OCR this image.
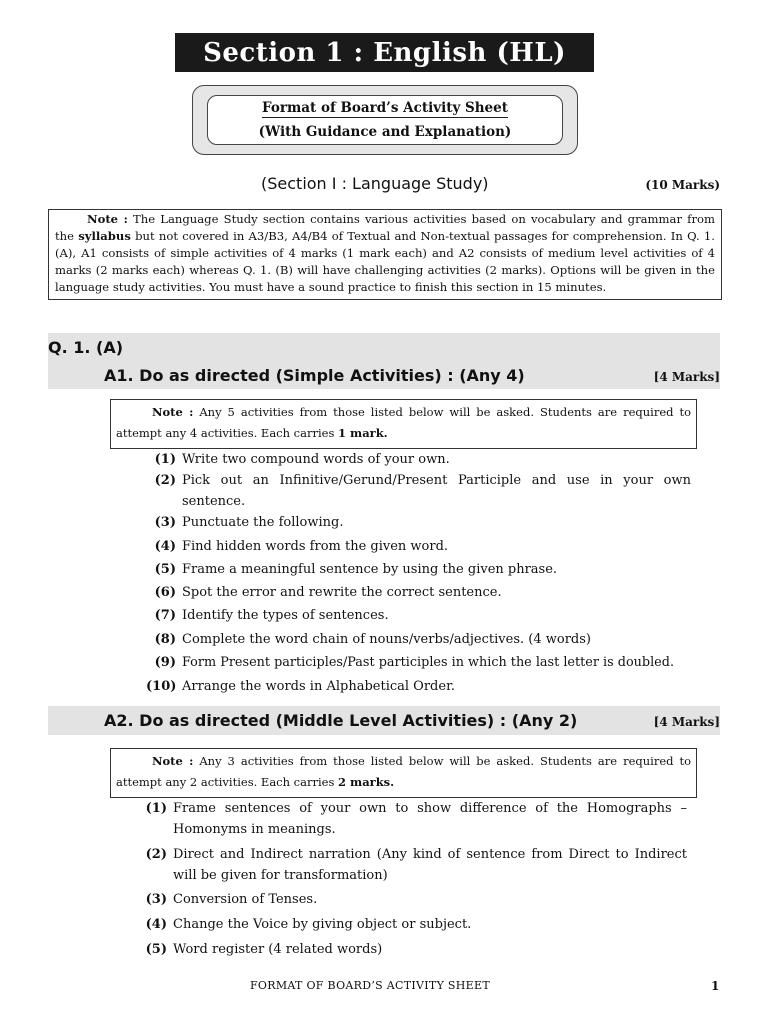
Section 1 : English (HL)
Format of Board’s Activity Sheet
(With Guidance and Explanation)
(Section I : Language Study)	(10 Marks)
Note : The Language Study section contains various activities based on vocabulary and grammar from the syllabus but not covered in A3/B3, A4/B4 of Textual and Non-textual passages for comprehension. In Q. 1. (A), A1 consists of simple activities of 4 marks (1 mark each) and A2 consists of medium level activities of 4 marks (2 marks each) whereas Q. 1. (B) will have challenging activities (2 marks). Options will be given in the language study activities. You must have a sound practice to finish this section in 15 minutes.
Q. 1. (A)
A1. Do as directed (Simple Activities) : (Any 4)	[4 Marks]
Note : Any 5 activities from those listed below will be asked. Students are required to attempt any 4 activities. Each carries 1 mark.
(1) Write two compound words of your own.
(2) Pick out an Infinitive/Gerund/Present Participle and use in your own sentence.
(3) Punctuate the following.
(4) Find hidden words from the given word.
(5) Frame a meaningful sentence by using the given phrase.
(6) Spot the error and rewrite the correct sentence.
(7) Identify the types of sentences.
(8) Complete the word chain of nouns/verbs/adjectives. (4 words)
(9) Form Present participles/Past participles in which the last letter is doubled.
(10) Arrange the words in Alphabetical Order.
A2. Do as directed (Middle Level Activities) : (Any 2)	[4 Marks]
Note : Any 3 activities from those listed below will be asked. Students are required to attempt any 2 activities. Each carries 2 marks.
(1) Frame sentences of your own to show difference of the Homographs – Homonyms in meanings.
(2) Direct and Indirect narration (Any kind of sentence from Direct to Indirect will be given for transformation)
(3) Conversion of Tenses.
(4) Change the Voice by giving object or subject.
(5) Word register (4 related words)
FORMAT OF BOARD’S ACTIVITY SHEET	1
